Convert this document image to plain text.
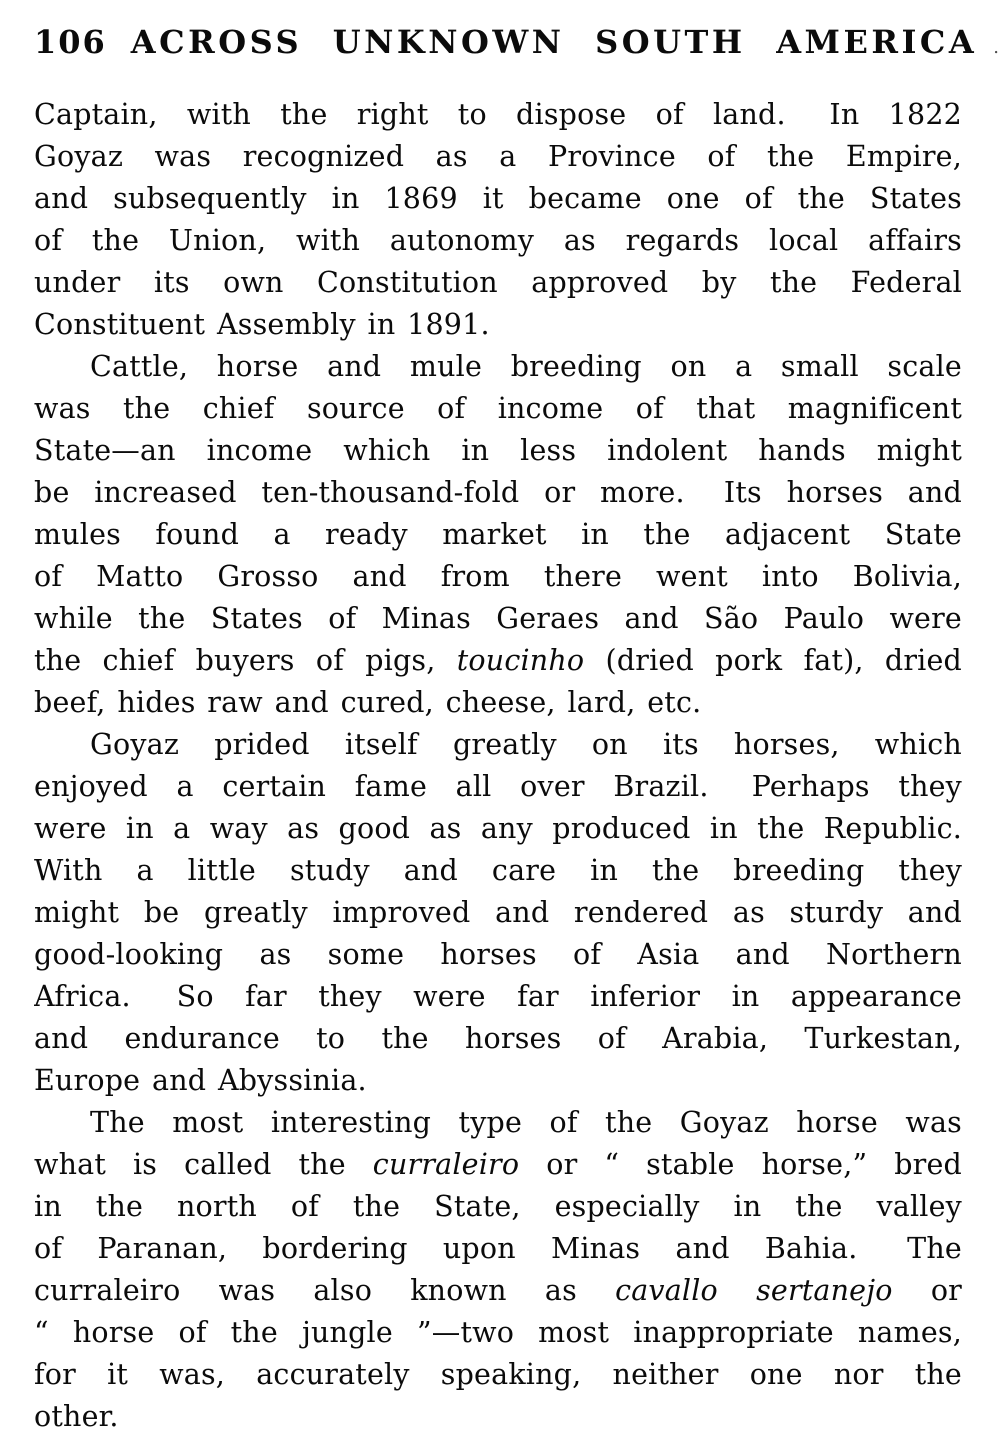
106 ACROSS UNKNOWN SOUTH AMERICA .
Captain, with the right to dispose of land.  In 1822
Goyaz was recognized as a Province of the Empire,
and subsequently in 1869 it became one of the States
of the Union, with autonomy as regards local affairs
under its own Constitution approved by the Federal
Constituent Assembly in 1891.
Cattle, horse and mule breeding on a small scale
was the chief source of income of that magnificent
State—an income which in less indolent hands might
be increased ten-thousand-fold or more.  Its horses and
mules found a ready market in the adjacent State
of Matto Grosso and from there went into Bolivia,
while the States of Minas Geraes and São Paulo were
the chief buyers of pigs, toucinho (dried pork fat), dried
beef, hides raw and cured, cheese, lard, etc.
Goyaz prided itself greatly on its horses, which
enjoyed a certain fame all over Brazil.  Perhaps they
were in a way as good as any produced in the Republic.
With a little study and care in the breeding they
might be greatly improved and rendered as sturdy and
good-looking as some horses of Asia and Northern
Africa.  So far they were far inferior in appearance
and endurance to the horses of Arabia, Turkestan,
Europe and Abyssinia.
The most interesting type of the Goyaz horse was
what is called the curraleiro or “ stable horse,” bred
in the north of the State, especially in the valley
of Paranan, bordering upon Minas and Bahia.  The
curraleiro was also known as cavallo sertanejo or
“ horse of the jungle ”—two most inappropriate names,
for it was, accurately speaking, neither one nor the
other.
